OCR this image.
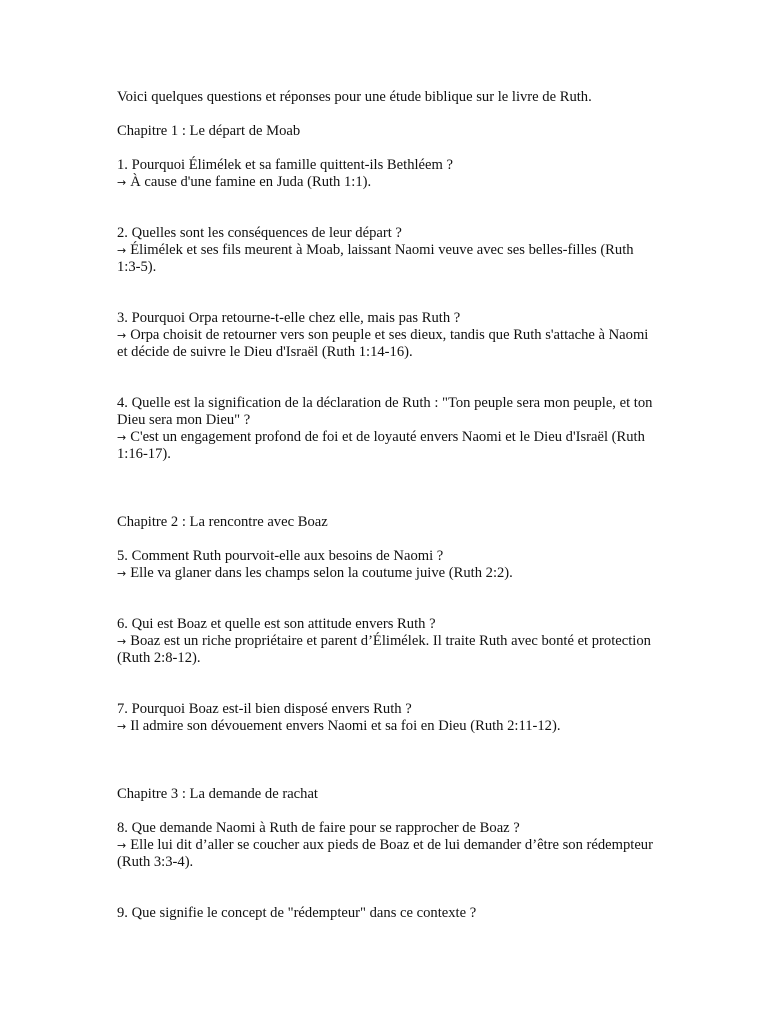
Voici quelques questions et réponses pour une étude biblique sur le livre de Ruth.

Chapitre 1 : Le départ de Moab

1. Pourquoi Élimélek et sa famille quittent-ils Bethléem ?

→ À cause d'une famine en Juda (Ruth 1:1).

2. Quelles sont les conséquences de leur départ ?

→ Élimélek et ses fils meurent à Moab, laissant Naomi veuve avec ses belles-filles (Ruth 1:3-5).

3. Pourquoi Orpa retourne-t-elle chez elle, mais pas Ruth ?

→ Orpa choisit de retourner vers son peuple et ses dieux, tandis que Ruth s'attache à Naomi et décide de suivre le Dieu d'Israël (Ruth 1:14-16).

4. Quelle est la signification de la déclaration de Ruth : "Ton peuple sera mon peuple, et ton Dieu sera mon Dieu" ?

→ C'est un engagement profond de foi et de loyauté envers Naomi et le Dieu d'Israël (Ruth 1:16-17).

Chapitre 2 : La rencontre avec Boaz

5. Comment Ruth pourvoit-elle aux besoins de Naomi ?

→ Elle va glaner dans les champs selon la coutume juive (Ruth 2:2).

6. Qui est Boaz et quelle est son attitude envers Ruth ?

→ Boaz est un riche propriétaire et parent d’Élimélek. Il traite Ruth avec bonté et protection (Ruth 2:8-12).

7. Pourquoi Boaz est-il bien disposé envers Ruth ?

→ Il admire son dévouement envers Naomi et sa foi en Dieu (Ruth 2:11-12).

Chapitre 3 : La demande de rachat

8. Que demande Naomi à Ruth de faire pour se rapprocher de Boaz ?

→ Elle lui dit d’aller se coucher aux pieds de Boaz et de lui demander d’être son rédempteur (Ruth 3:3-4).

9. Que signifie le concept de "rédempteur" dans ce contexte ?
